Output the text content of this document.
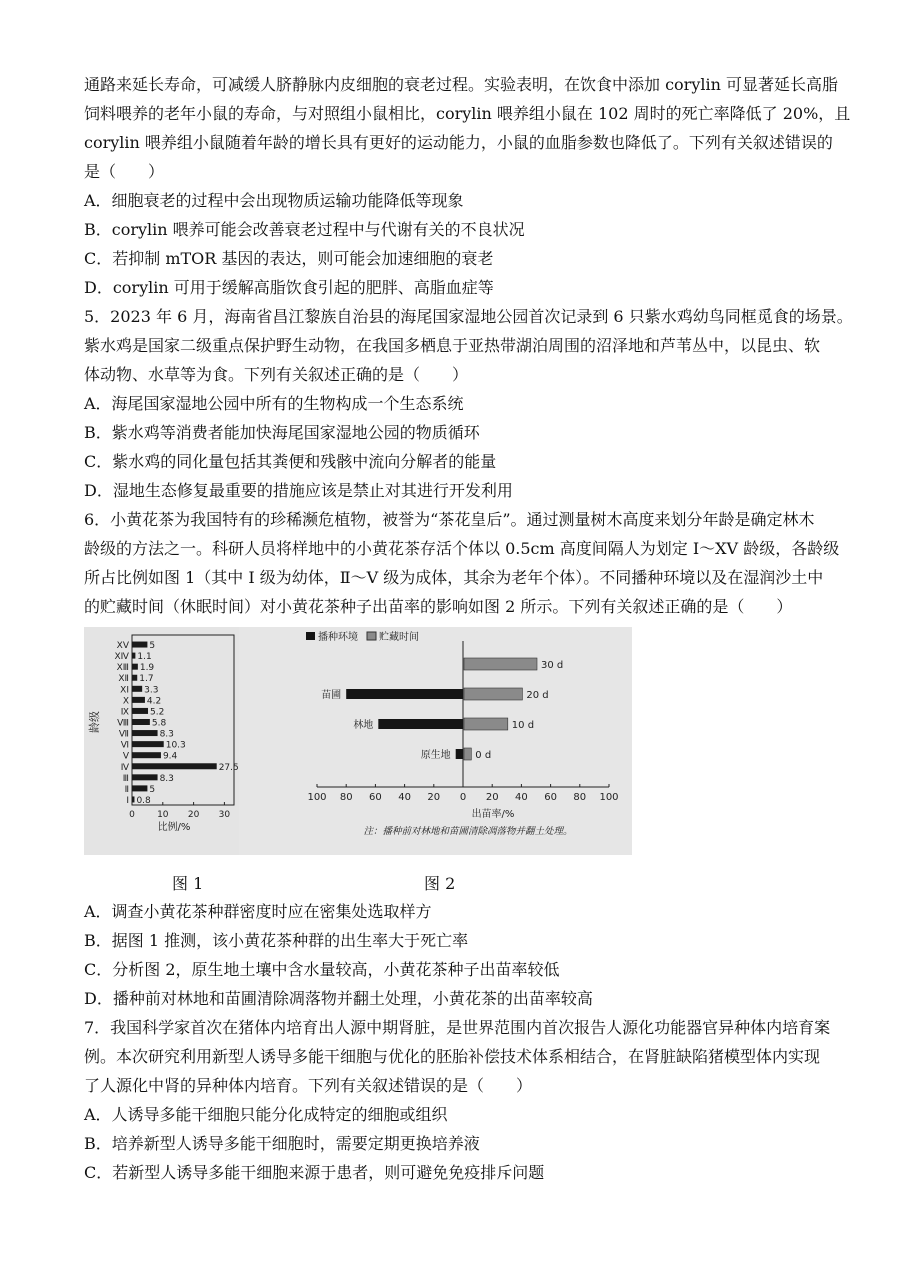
通路来延长寿命，可减缓人脐静脉内皮细胞的衰老过程。实验表明，在饮食中添加 corylin 可显著延长高脂
饲料喂养的老年小鼠的寿命，与对照组小鼠相比，corylin 喂养组小鼠在 102 周时的死亡率降低了 20%，且
corylin 喂养组小鼠随着年龄的增长具有更好的运动能力，小鼠的血脂参数也降低了。下列有关叙述错误的
是（　　）
A．细胞衰老的过程中会出现物质运输功能降低等现象
B．corylin 喂养可能会改善衰老过程中与代谢有关的不良状况
C．若抑制 mTOR 基因的表达，则可能会加速细胞的衰老
D．corylin 可用于缓解高脂饮食引起的肥胖、高脂血症等
5．2023 年 6 月，海南省昌江黎族自治县的海尾国家湿地公园首次记录到 6 只紫水鸡幼鸟同框觅食的场景。
紫水鸡是国家二级重点保护野生动物，在我国多栖息于亚热带湖泊周围的沼泽地和芦苇丛中，以昆虫、软
体动物、水草等为食。下列有关叙述正确的是（　　）
A．海尾国家湿地公园中所有的生物构成一个生态系统
B．紫水鸡等消费者能加快海尾国家湿地公园的物质循环
C．紫水鸡的同化量包括其粪便和残骸中流向分解者的能量
D．湿地生态修复最重要的措施应该是禁止对其进行开发利用
6．小黄花茶为我国特有的珍稀濒危植物，被誉为“茶花皇后”。通过测量树木高度来划分年龄是确定林木
龄级的方法之一。科研人员将样地中的小黄花茶存活个体以 0.5cm 高度间隔人为划定 Ⅰ～XV 龄级，各龄级
所占比例如图 1（其中 Ⅰ 级为幼体，Ⅱ～Ⅴ 级为成体，其余为老年个体）。不同播种环境以及在湿润沙土中
的贮藏时间（休眠时间）对小黄花茶种子出苗率的影响如图 2 所示。下列有关叙述正确的是（　　）
Ⅰ 0.8
Ⅱ 5
Ⅲ	8.3
Ⅳ	27.5
Ⅴ	9.4
Ⅵ	10.3
Ⅶ	8.3
Ⅷ	5.8
Ⅸ 5.2
Ⅹ 4.2
ⅩⅠ 3.3
ⅩⅡ 1.7
ⅩⅢ 1.9
ⅩⅣ 1.1
ⅩⅤ 5
0 10 20 30
比例/%
龄级
播种环境 贮藏时间
30 d
20 d
10 d
0 d
苗圃
林地
原生地
100 80 60 40 20 0 20 40 60 80 100
出苗率/%
注：播种前对林地和苗圃清除凋落物并翻土处理。
图 1	图 2
A．调查小黄花茶种群密度时应在密集处选取样方
B．据图 1 推测，该小黄花茶种群的出生率大于死亡率
C．分析图 2，原生地土壤中含水量较高，小黄花茶种子出苗率较低
D．播种前对林地和苗圃清除凋落物并翻土处理，小黄花茶的出苗率较高
7．我国科学家首次在猪体内培育出人源中期肾脏，是世界范围内首次报告人源化功能器官异种体内培育案
例。本次研究利用新型人诱导多能干细胞与优化的胚胎补偿技术体系相结合，在肾脏缺陷猪模型体内实现
了人源化中肾的异种体内培育。下列有关叙述错误的是（　　）
A．人诱导多能干细胞只能分化成特定的细胞或组织
B．培养新型人诱导多能干细胞时，需要定期更换培养液
C．若新型人诱导多能干细胞来源于患者，则可避免免疫排斥问题
